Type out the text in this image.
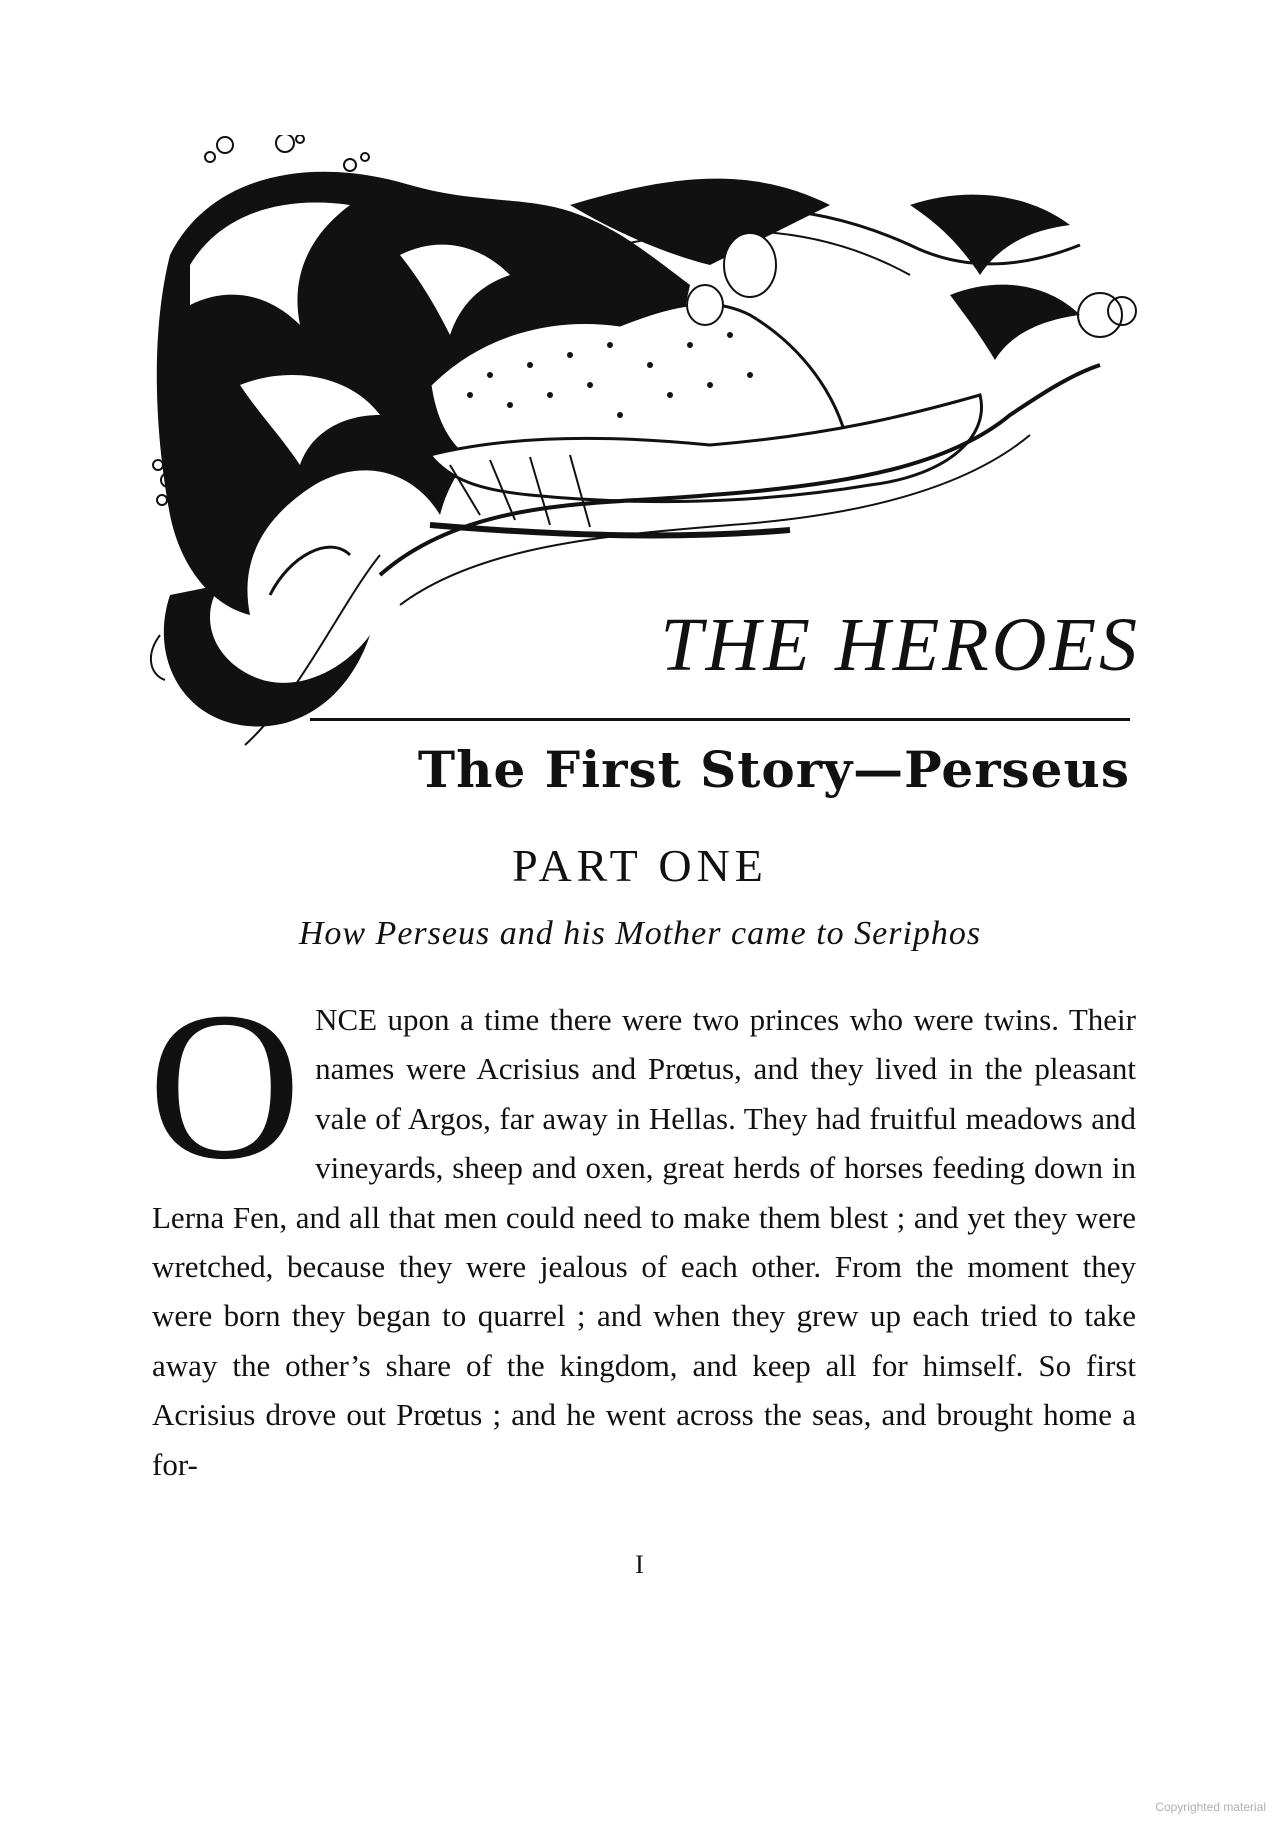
THE HEROES
The First Story—Perseus
PART ONE
How Perseus and his Mother came to Seriphos
ONCE upon a time there were two princes who were twins. Their names were Acrisius and Prœtus, and they lived in the pleasant vale of Argos, far away in Hellas. They had fruitful meadows and vineyards, sheep and oxen, great herds of horses feeding down in Lerna Fen, and all that men could need to make them blest ; and yet they were wretched, because they were jealous of each other. From the moment they were born they began to quarrel ; and when they grew up each tried to take away the other’s share of the kingdom, and keep all for himself. So first Acrisius drove out Prœtus ; and he went across the seas, and brought home a for-
I
Copyrighted material
